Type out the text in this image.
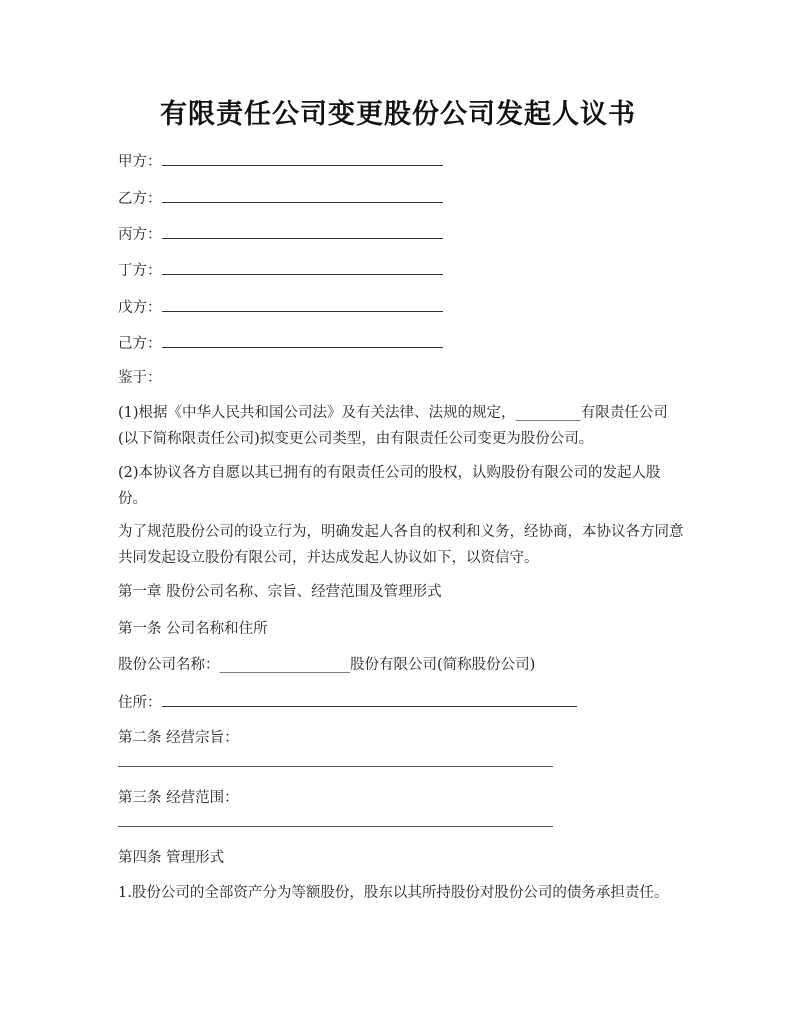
有限责任公司变更股份公司发起人议书
甲方：
乙方：
丙方：
丁方：
戊方：
己方：
鉴于：
(1)根据《中华人民共和国公司法》及有关法律、法规的规定，_________有限责任公司(以下简称限责任公司)拟变更公司类型，由有限责任公司变更为股份公司。
(2)本协议各方自愿以其已拥有的有限责任公司的股权，认购股份有限公司的发起人股份。
为了规范股份公司的设立行为，明确发起人各自的权利和义务，经协商，本协议各方同意共同发起设立股份有限公司，并达成发起人协议如下，以资信守。
第一章 股份公司名称、宗旨、经营范围及管理形式
第一条 公司名称和住所
股份公司名称：__________________股份有限公司(简称股份公司)
住所：
第二条 经营宗旨：
第三条 经营范围：
第四条 管理形式
1.股份公司的全部资产分为等额股份，股东以其所持股份对股份公司的债务承担责任。
